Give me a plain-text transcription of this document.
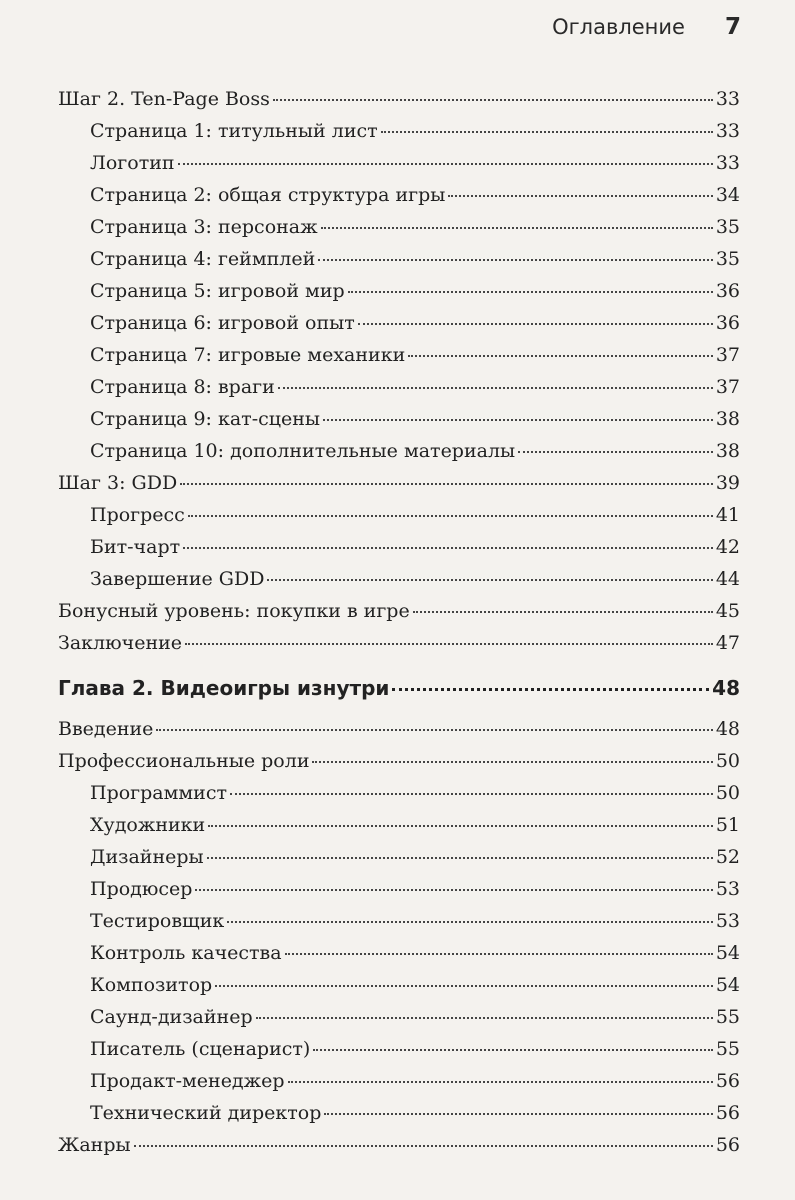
Оглавление 7
Шаг 2. Ten-Page Boss	33
Страница 1: титульный лист	33
Логотип	33
Страница 2: общая структура игры	34
Страница 3: персонаж	35
Страница 4: геймплей	35
Страница 5: игровой мир	36
Страница 6: игровой опыт	36
Страница 7: игровые механики	37
Страница 8: враги	37
Страница 9: кат-сцены	38
Страница 10: дополнительные материалы	38
Шаг 3: GDD	39
Прогресс	41
Бит-чарт	42
Завершение GDD	44
Бонусный уровень: покупки в игре	45
Заключение	47
Глава 2. Видеоигры изнутри	48
Введение	48
Профессиональные роли	50
Программист	50
Художники	51
Дизайнеры	52
Продюсер	53
Тестировщик	53
Контроль качества	54
Композитор	54
Саунд-дизайнер	55
Писатель (сценарист)	55
Продакт-менеджер	56
Технический директор	56
Жанры	56
